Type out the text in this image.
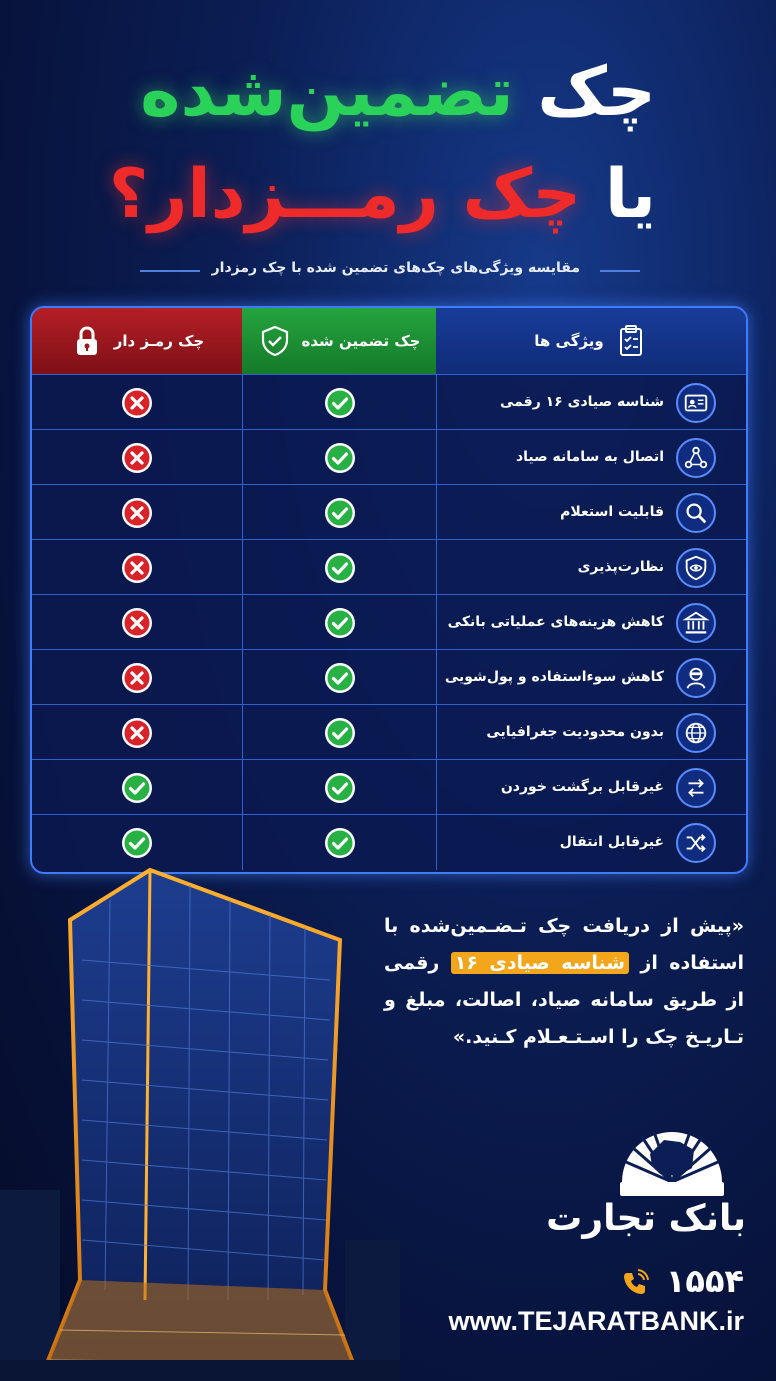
چک تضمین‌شده
یا چک رمـــزدار؟
مقایسه ویژگی‌های چک‌های تضمین شده با چک رمزدار
ویژگی ها
چک تضمین شده
چک رمـز دار
شناسه صیادی ۱۶ رقمی
اتصال به سامانه صیاد
قابلیت استعلام
نظارت‌پذیری
کاهش هزینه‌های عملیاتی بانکی
کاهش سوءاستفاده و پول‌شویی
بدون محدودیت جغرافیایی
غیرقابل برگشت خوردن
غیرقابل انتقال
«پیش از دریافت چک تـضـمین‌شده با استفاده از شناسه صیادی ۱۶ رقمی از طریق سامانه صیاد، اصالت، مبلغ و تـاریـخ چک را اسـتـعـلام کـنید.»
بانک تجارت
۱۵۵۴
www.TEJARATBANK.ir
